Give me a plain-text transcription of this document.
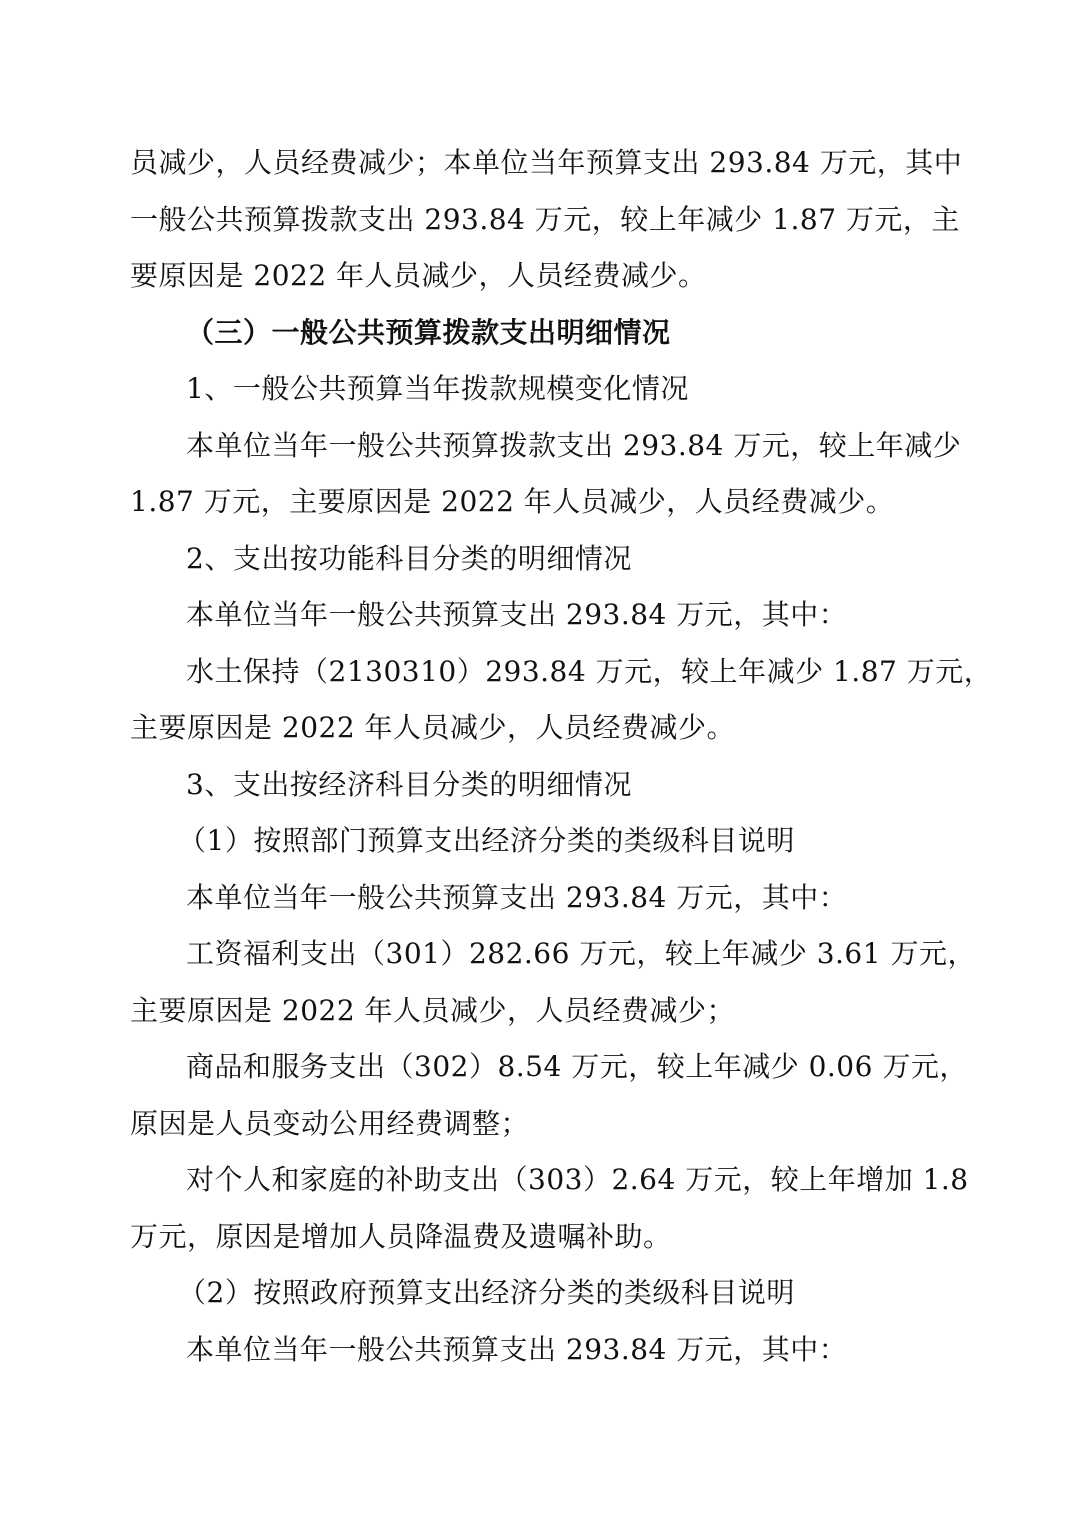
员减少，人员经费减少；本单位当年预算支出 293.84 万元，其中
一般公共预算拨款支出 293.84 万元，较上年减少 1.87 万元，主
要原因是 2022 年人员减少，人员经费减少。
（三）一般公共预算拨款支出明细情况
1、一般公共预算当年拨款规模变化情况
本单位当年一般公共预算拨款支出 293.84 万元，较上年减少
1.87 万元，主要原因是 2022 年人员减少，人员经费减少。
2、支出按功能科目分类的明细情况
本单位当年一般公共预算支出 293.84 万元，其中：
水土保持（2130310）293.84 万元，较上年减少 1.87 万元，
主要原因是 2022 年人员减少，人员经费减少。
3、支出按经济科目分类的明细情况
（1）按照部门预算支出经济分类的类级科目说明
本单位当年一般公共预算支出 293.84 万元，其中：
工资福利支出（301）282.66 万元，较上年减少 3.61 万元，
主要原因是 2022 年人员减少，人员经费减少；
商品和服务支出（302）8.54 万元，较上年减少 0.06 万元，
原因是人员变动公用经费调整；
对个人和家庭的补助支出（303）2.64 万元，较上年增加 1.8
万元，原因是增加人员降温费及遗嘱补助。
（2）按照政府预算支出经济分类的类级科目说明
本单位当年一般公共预算支出 293.84 万元，其中：
